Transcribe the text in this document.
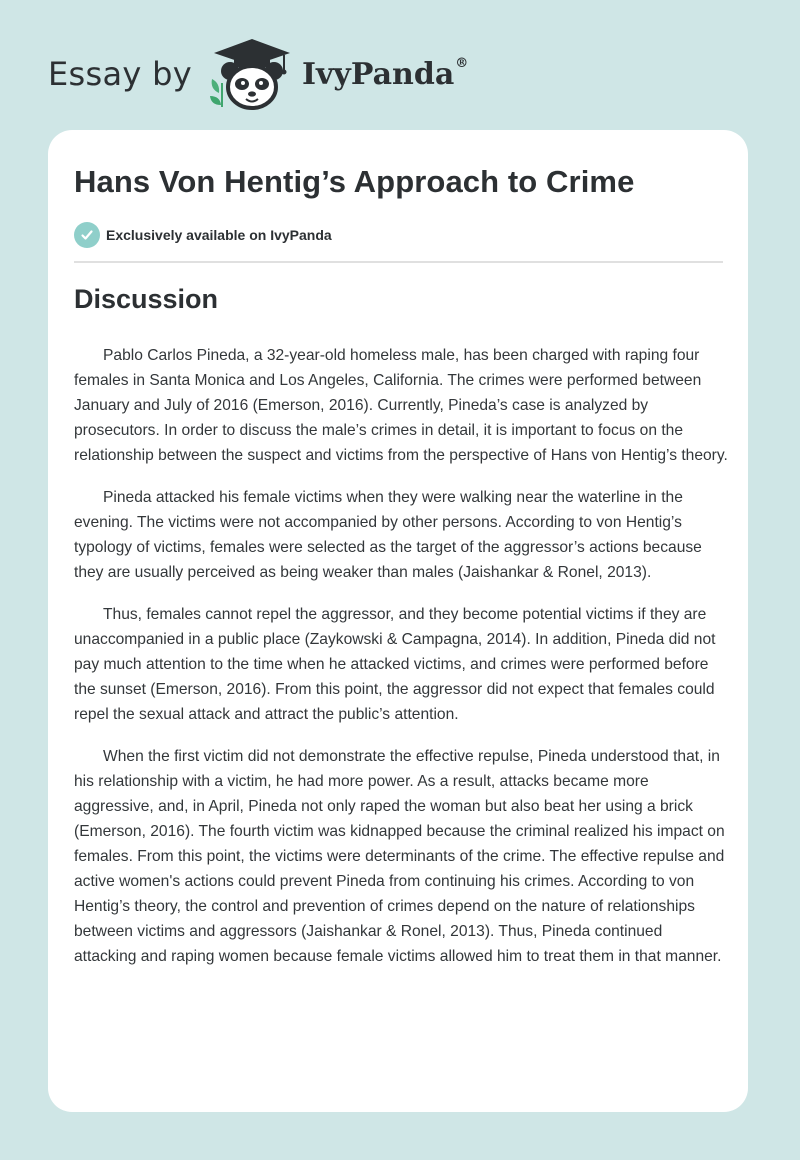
Essay by	IvyPanda®
Hans Von Hentig’s Approach to Crime
Exclusively available on IvyPanda
Discussion

Pablo Carlos Pineda, a 32-year-old homeless male, has been charged with raping four females in Santa Monica and Los Angeles, California. The crimes were performed between January and July of 2016 (Emerson, 2016). Currently, Pineda’s case is analyzed by prosecutors. In order to discuss the male’s crimes in detail, it is important to focus on the relationship between the suspect and victims from the perspective of Hans von Hentig’s theory.

Pineda attacked his female victims when they were walking near the waterline in the evening. The victims were not accompanied by other persons. According to von Hentig’s typology of victims, females were selected as the target of the aggressor’s actions because they are usually perceived as being weaker than males (Jaishankar & Ronel, 2013).

Thus, females cannot repel the aggressor, and they become potential victims if they are unaccompanied in a public place (Zaykowski & Campagna, 2014). In addition, Pineda did not pay much attention to the time when he attacked victims, and crimes were performed before the sunset (Emerson, 2016). From this point, the aggressor did not expect that females could repel the sexual attack and attract the public’s attention.

When the first victim did not demonstrate the effective repulse, Pineda understood that, in his relationship with a victim, he had more power. As a result, attacks became more aggressive, and, in April, Pineda not only raped the woman but also beat her using a brick (Emerson, 2016). The fourth victim was kidnapped because the criminal realized his impact on females. From this point, the victims were determinants of the crime. The effective repulse and active women's actions could prevent Pineda from continuing his crimes. According to von Hentig’s theory, the control and prevention of crimes depend on the nature of relationships between victims and aggressors (Jaishankar & Ronel, 2013). Thus, Pineda continued attacking and raping women because female victims allowed him to treat them in that manner.
